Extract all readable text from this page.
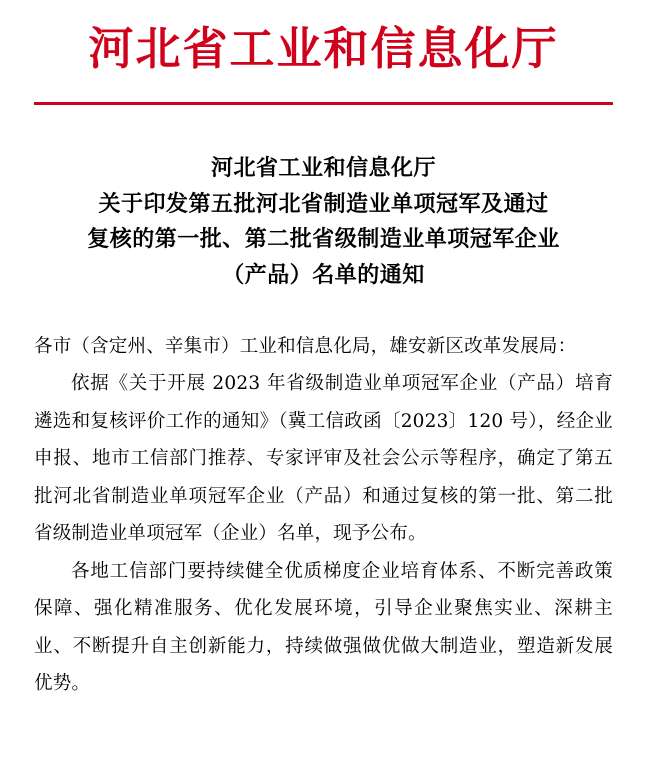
河北省工业和信息化厅
河北省工业和信息化厅
关于印发第五批河北省制造业单项冠军及通过
复核的第一批、第二批省级制造业单项冠军企业
（产品）名单的通知

各市（含定州、辛集市）工业和信息化局，雄安新区改革发展局：

依据《关于开展 2023 年省级制造业单项冠军企业（产品）培育遴选和复核评价工作的通知》（冀工信政函〔2023〕120 号），经企业申报、地市工信部门推荐、专家评审及社会公示等程序，确定了第五批河北省制造业单项冠军企业（产品）和通过复核的第一批、第二批省级制造业单项冠军（企业）名单，现予公布。

各地工信部门要持续健全优质梯度企业培育体系、不断完善政策保障、强化精准服务、优化发展环境，引导企业聚焦实业、深耕主业、不断提升自主创新能力，持续做强做优做大制造业，塑造新发展优势。
